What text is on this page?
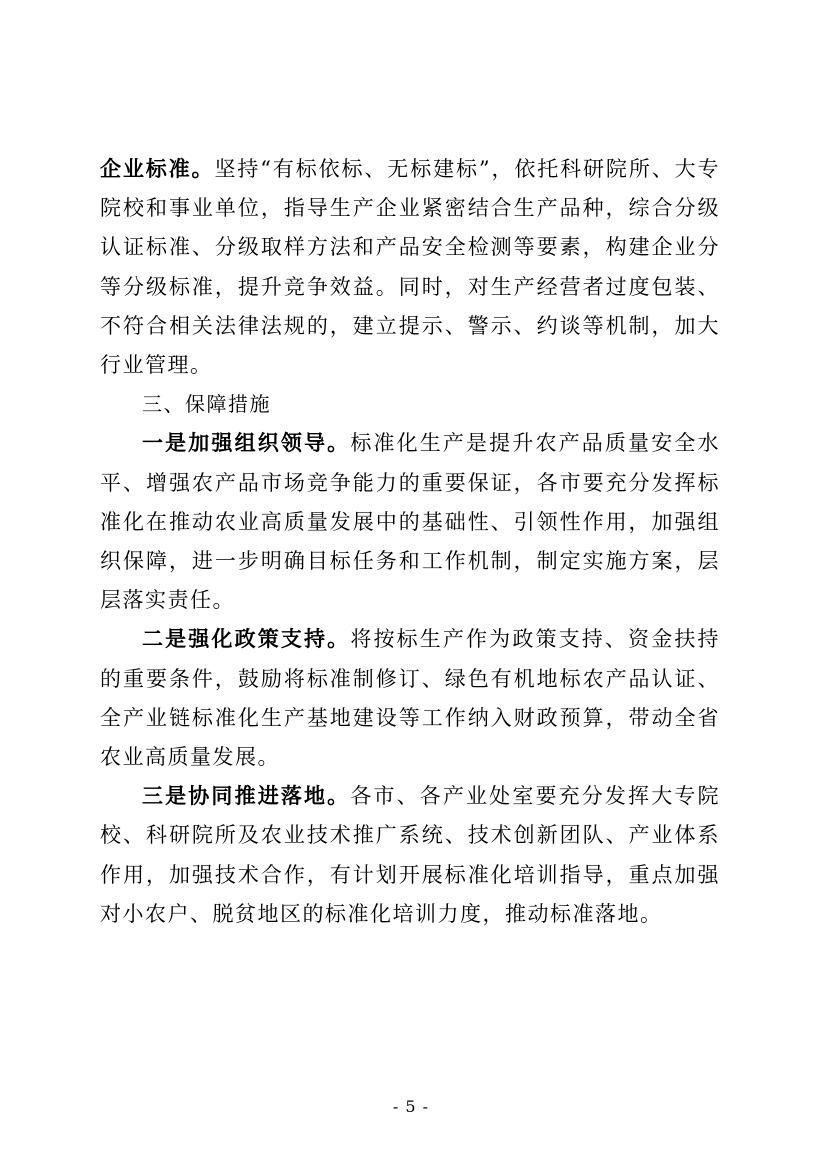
企业标准。坚持“有标依标、无标建标”，依托科研院所、大专院校和事业单位，指导生产企业紧密结合生产品种，综合分级认证标准、分级取样方法和产品安全检测等要素，构建企业分等分级标准，提升竞争效益。同时，对生产经营者过度包装、不符合相关法律法规的，建立提示、警示、约谈等机制，加大行业管理。

三、保障措施

一是加强组织领导。标准化生产是提升农产品质量安全水平、增强农产品市场竞争能力的重要保证，各市要充分发挥标准化在推动农业高质量发展中的基础性、引领性作用，加强组织保障，进一步明确目标任务和工作机制，制定实施方案，层层落实责任。

二是强化政策支持。将按标生产作为政策支持、资金扶持的重要条件，鼓励将标准制修订、绿色有机地标农产品认证、全产业链标准化生产基地建设等工作纳入财政预算，带动全省农业高质量发展。

三是协同推进落地。各市、各产业处室要充分发挥大专院校、科研院所及农业技术推广系统、技术创新团队、产业体系作用，加强技术合作，有计划开展标准化培训指导，重点加强对小农户、脱贫地区的标准化培训力度，推动标准落地。

- 5 -
